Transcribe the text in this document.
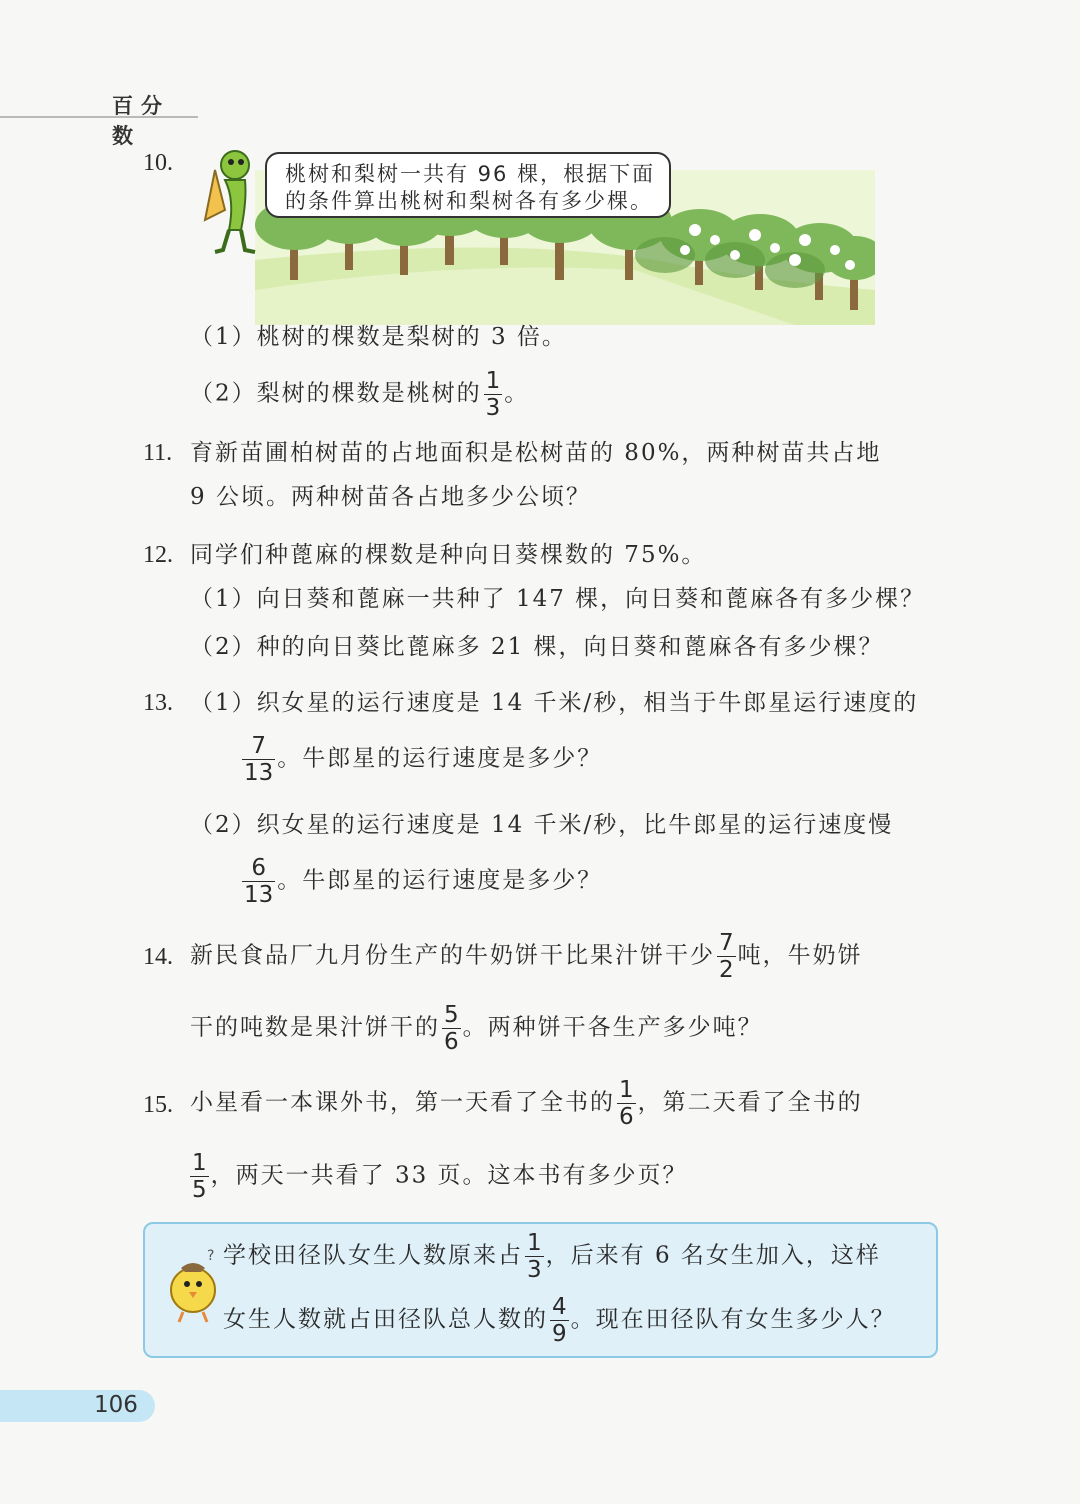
百分数
10.	桃树和梨树一共有 96 棵，根据下面
的条件算出桃树和梨树各有多少棵。
（1）桃树的棵数是梨树的 3 倍。
（2）梨树的棵数是桃树的 $\frac{1}{3}$ 。
11. 育新苗圃柏树苗的占地面积是松树苗的 80%，两种树苗共占地
9 公顷。两种树苗各占地多少公顷？
12. 同学们种蓖麻的棵数是种向日葵棵数的 75%。
（1）向日葵和蓖麻一共种了 147 棵，向日葵和蓖麻各有多少棵？
（2）种的向日葵比蓖麻多 21 棵，向日葵和蓖麻各有多少棵？
13. （1）织女星的运行速度是 14 千米/秒，相当于牛郎星运行速度的
$\frac{7}{13}$ 。牛郎星的运行速度是多少？
（2）织女星的运行速度是 14 千米/秒，比牛郎星的运行速度慢
$\frac{6}{13}$ 。牛郎星的运行速度是多少？
14. 新民食品厂九月份生产的牛奶饼干比果汁饼干少 $\frac{7}{2}$ 吨，牛奶饼
干的吨数是果汁饼干的 $\frac{5}{6}$ 。两种饼干各生产多少吨？
15. 小星看一本课外书，第一天看了全书的 $\frac{1}{6}$ ，第二天看了全书的
$\frac{1}{5}$ ，两天一共看了 33 页。这本书有多少页？
? 学校田径队女生人数原来占 $\frac{1}{3}$ ，后来有 6 名女生加入，这样
女生人数就占田径队总人数的 $\frac{4}{9}$ 。现在田径队有女生多少人？
106
